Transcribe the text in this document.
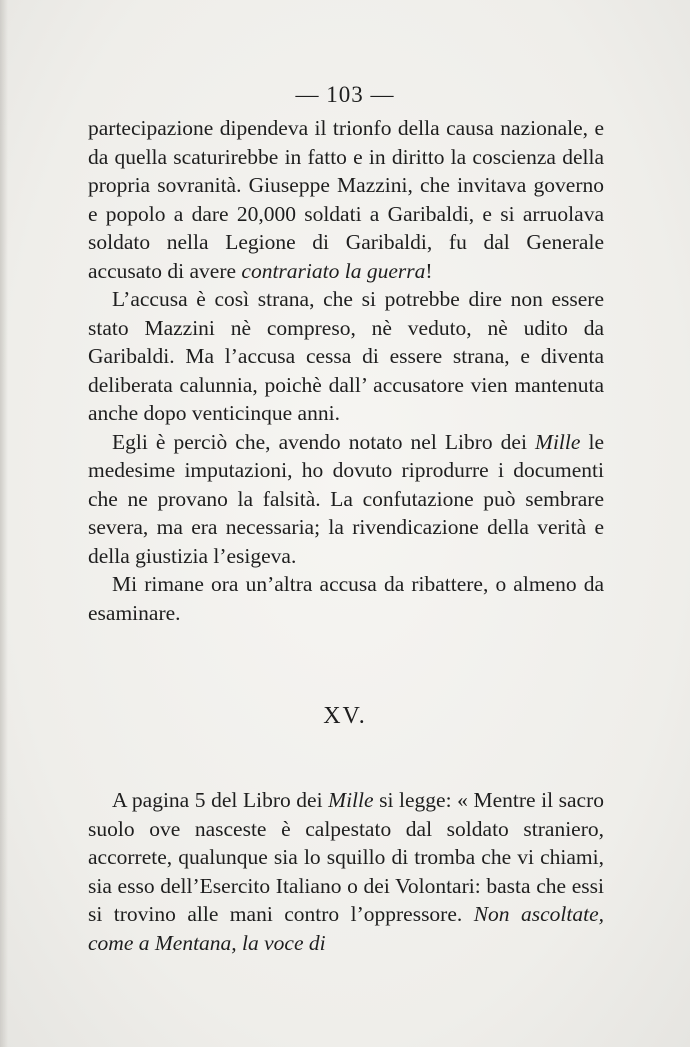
— 103 —

partecipazione dipendeva il trionfo della causa nazionale, e da quella scaturirebbe in fatto e in diritto la coscienza della propria sovranità. Giuseppe Mazzini, che invitava governo e popolo a dare 20,000 soldati a Garibaldi, e si arruolava soldato nella Legione di Garibaldi, fu dal Generale accusato di avere contrariato la guerra!

L’accusa è così strana, che si potrebbe dire non essere stato Mazzini nè compreso, nè veduto, nè udito da Garibaldi. Ma l’accusa cessa di essere strana, e diventa deliberata calunnia, poichè dall’ accusatore vien mantenuta anche dopo venticinque anni.

Egli è perciò che, avendo notato nel Libro dei Mille le medesime imputazioni, ho dovuto riprodurre i documenti che ne provano la falsità. La confutazione può sembrare severa, ma era necessaria; la rivendicazione della verità e della giustizia l’esigeva.

Mi rimane ora un’altra accusa da ribattere, o almeno da esaminare.

XV.

A pagina 5 del Libro dei Mille si legge: « Mentre il sacro suolo ove nasceste è calpestato dal soldato straniero, accorrete, qualunque sia lo squillo di tromba che vi chiami, sia esso dell’Esercito Italiano o dei Volontari: basta che essi si trovino alle mani contro l’oppressore. Non ascoltate, come a Mentana, la voce di
